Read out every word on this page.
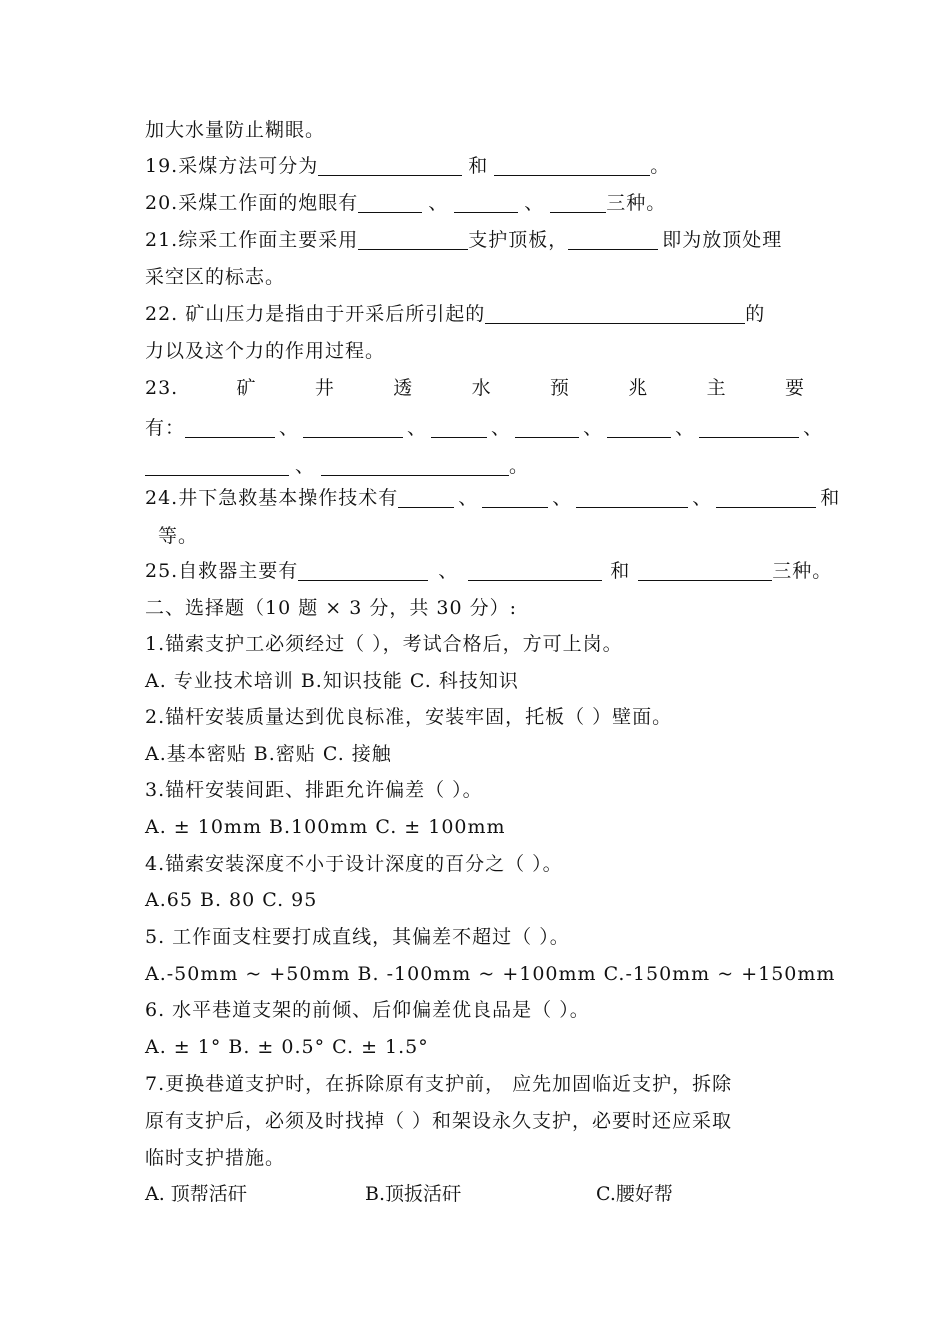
加大水量防止糊眼。
19.采煤方法可分为	和	。
20.采煤工作面的炮眼有	、	、	三种。
21.综采工作面主要采用	支护顶板，	即为放顶处理
采空区的标志。
22. 矿山压力是指由于开采后所引起的	的
力以及这个力的作用过程。
23.	矿	井	透	水	预	兆	主	要
有：	、	、	、	、	、	、
、	。
24.井下急救基本操作技术有	、	、	、	和
等。
25.自救器主要有	、	和	三种。
二、选择题（10 题 × 3 分，共 30 分）:
1.锚索支护工必须经过（ ），考试合格后，方可上岗。
A. 专业技术培训 B.知识技能 C. 科技知识
2.锚杆安装质量达到优良标准，安装牢固，托板（ ）壁面。
A.基本密贴 B.密贴 C. 接触
3.锚杆安装间距、排距允许偏差（ ）。
A. ± 10mm B.100mm C. ± 100mm
4.锚索安装深度不小于设计深度的百分之（ ）。
A.65 B. 80 C. 95
5. 工作面支柱要打成直线，其偏差不超过（ ）。
A.-50mm ~ +50mm B. -100mm ~ +100mm C.-150mm ~ +150mm
6. 水平巷道支架的前倾、后仰偏差优良品是（ ）。
A. ± 1° B. ± 0.5° C. ± 1.5°
7.更换巷道支护时，在拆除原有支护前， 应先加固临近支护，拆除
原有支护后，必须及时找掉（ ）和架设永久支护，必要时还应采取
临时支护措施。
A. 顶帮活矸	B.顶扳活矸	C.腰好帮
